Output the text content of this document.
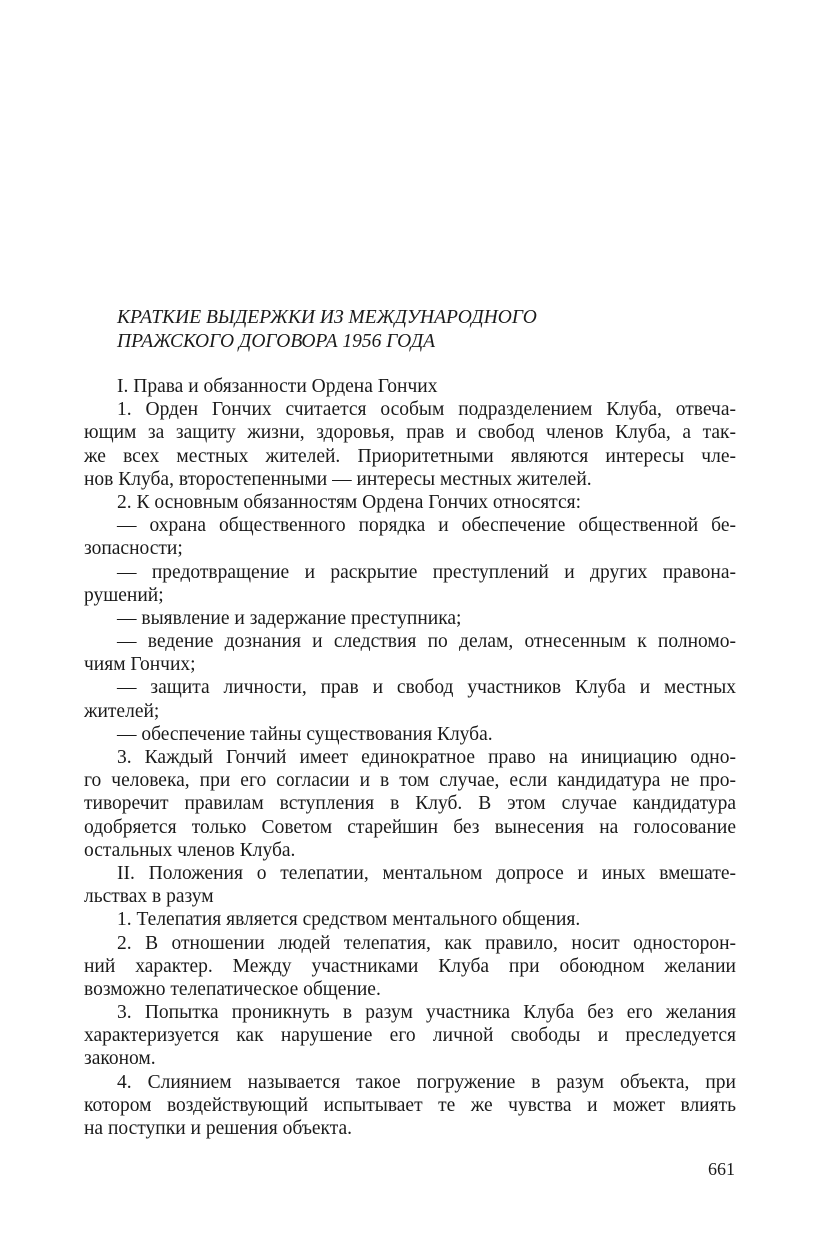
КРАТКИЕ ВЫДЕРЖКИ ИЗ МЕЖДУНАРОДНОГО
ПРАЖСКОГО ДОГОВОРА 1956 ГОДА
I. Права и обязанности Ордена Гончих
1. Орден Гончих считается особым подразделением Клуба, отвеча-
ющим за защиту жизни, здоровья, прав и свобод членов Клуба, а так-
же всех местных жителей. Приоритетными являются интересы чле-
нов Клуба, второстепенными — интересы местных жителей.
2. К основным обязанностям Ордена Гончих относятся:
— охрана общественного порядка и обеспечение общественной бе-
зопасности;
— предотвращение и раскрытие преступлений и других правона-
рушений;
— выявление и задержание преступника;
— ведение дознания и следствия по делам, отнесенным к полномо-
чиям Гончих;
— защита личности, прав и свобод участников Клуба и местных
жителей;
— обеспечение тайны существования Клуба.
3. Каждый Гончий имеет единократное право на инициацию одно-
го человека, при его согласии и в том случае, если кандидатура не про-
тиворечит правилам вступления в Клуб. В этом случае кандидатура
одобряется только Советом старейшин без вынесения на голосование
остальных членов Клуба.
II. Положения о телепатии, ментальном допросе и иных вмешате-
льствах в разум
1. Телепатия является средством ментального общения.
2. В отношении людей телепатия, как правило, носит односторон-
ний характер. Между участниками Клуба при обоюдном желании
возможно телепатическое общение.
3. Попытка проникнуть в разум участника Клуба без его желания
характеризуется как нарушение его личной свободы и преследуется
законом.
4. Слиянием называется такое погружение в разум объекта, при
котором воздействующий испытывает те же чувства и может влиять
на поступки и решения объекта.
661
